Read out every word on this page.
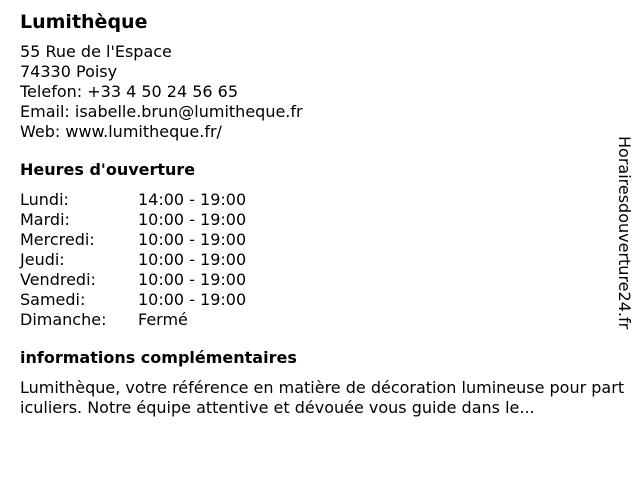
Lumithèque
55 Rue de l'Espace
74330 Poisy
Telefon: +33 4 50 24 56 65
Email: isabelle.brun@lumitheque.fr
Web: www.lumitheque.fr/
Heures d'ouverture
Lundi:	14:00 - 19:00
Mardi:	10:00 - 19:00
Mercredi:	10:00 - 19:00
Jeudi:	10:00 - 19:00
Vendredi:	10:00 - 19:00
Samedi:	10:00 - 19:00
Dimanche:	Fermé
informations complémentaires
Lumithèque, votre référence en matière de décoration lumineuse pour particuliers. Notre équipe attentive et dévouée vous guide dans le...
Horairesdouverture24.fr
